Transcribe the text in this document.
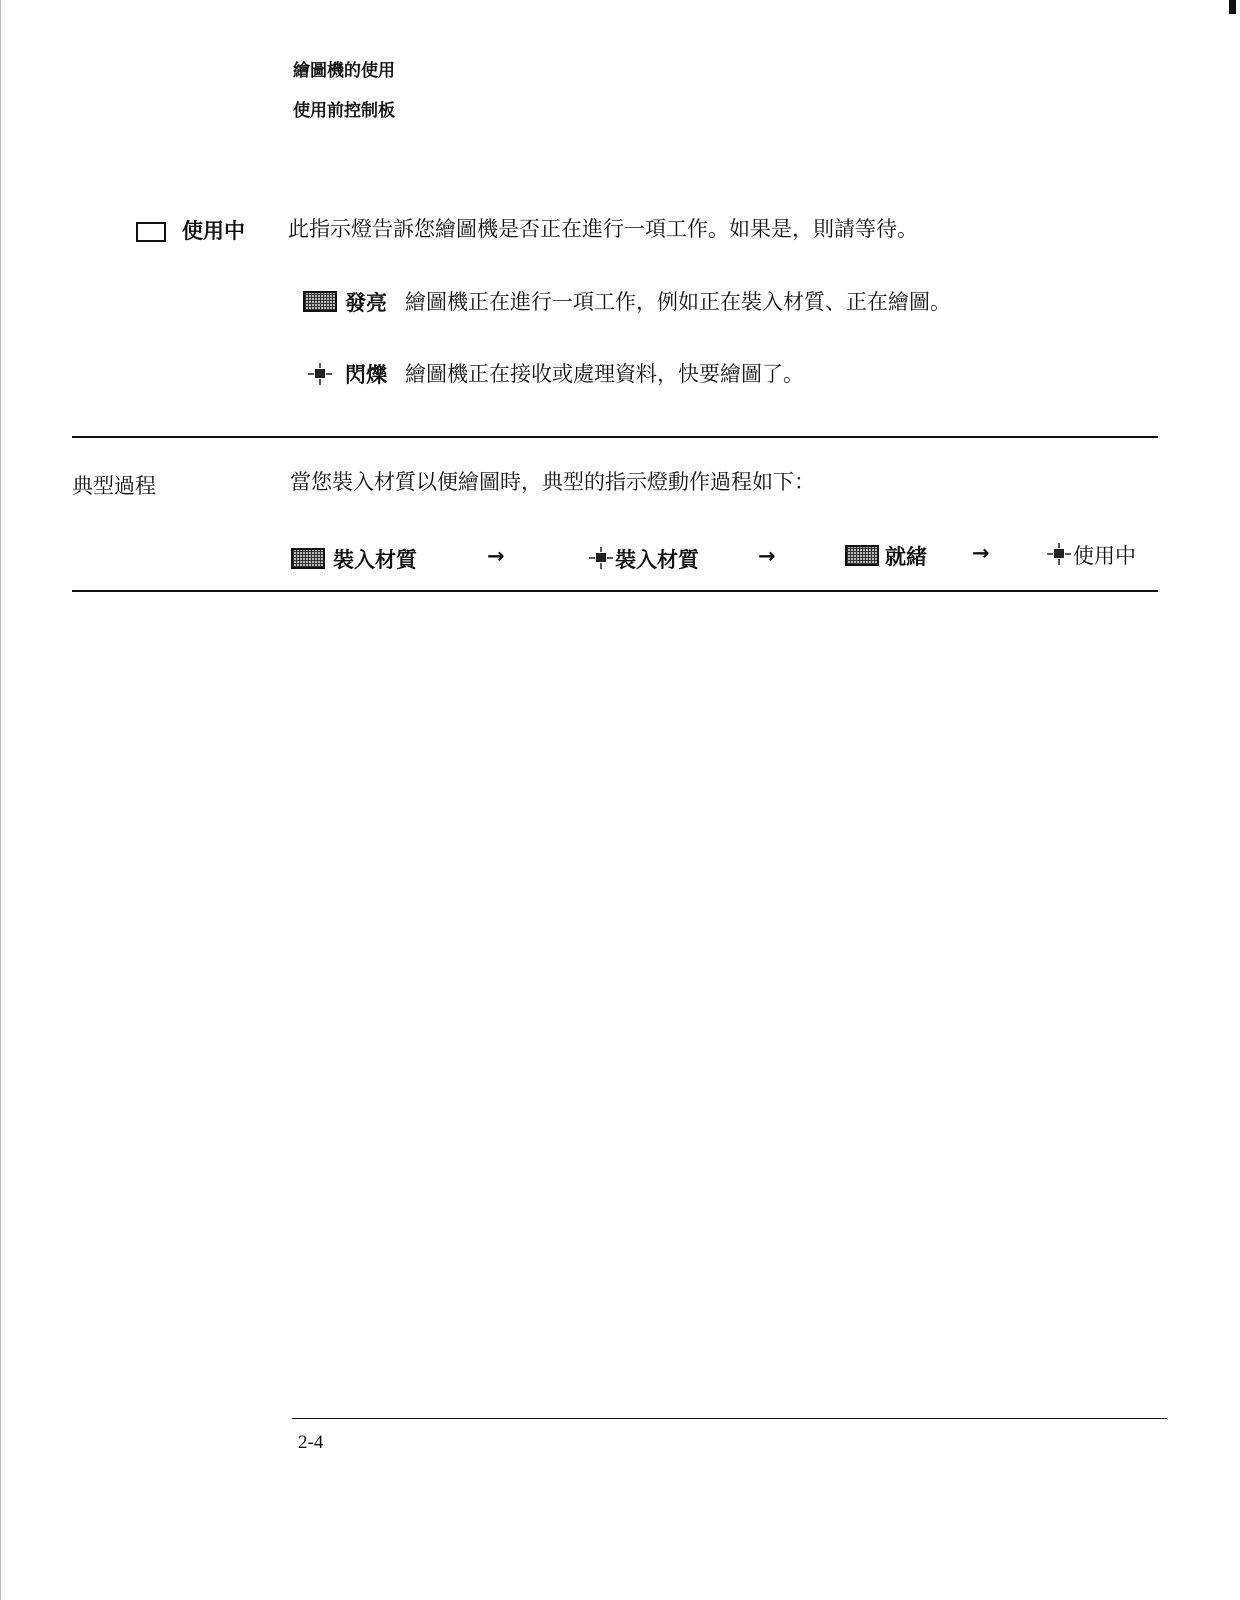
繪圖機的使用
使用前控制板
使用中 此指示燈告訴您繪圖機是否正在進行一項工作。如果是，則請等待。
發亮 繪圖機正在進行一項工作，例如正在裝入材質、正在繪圖。
閃爍 繪圖機正在接收或處理資料，快要繪圖了。
典型過程	當您裝入材質以便繪圖時，典型的指示燈動作過程如下：
裝入材質	→	裝入材質	→	就緒 →	使用中
2-4
